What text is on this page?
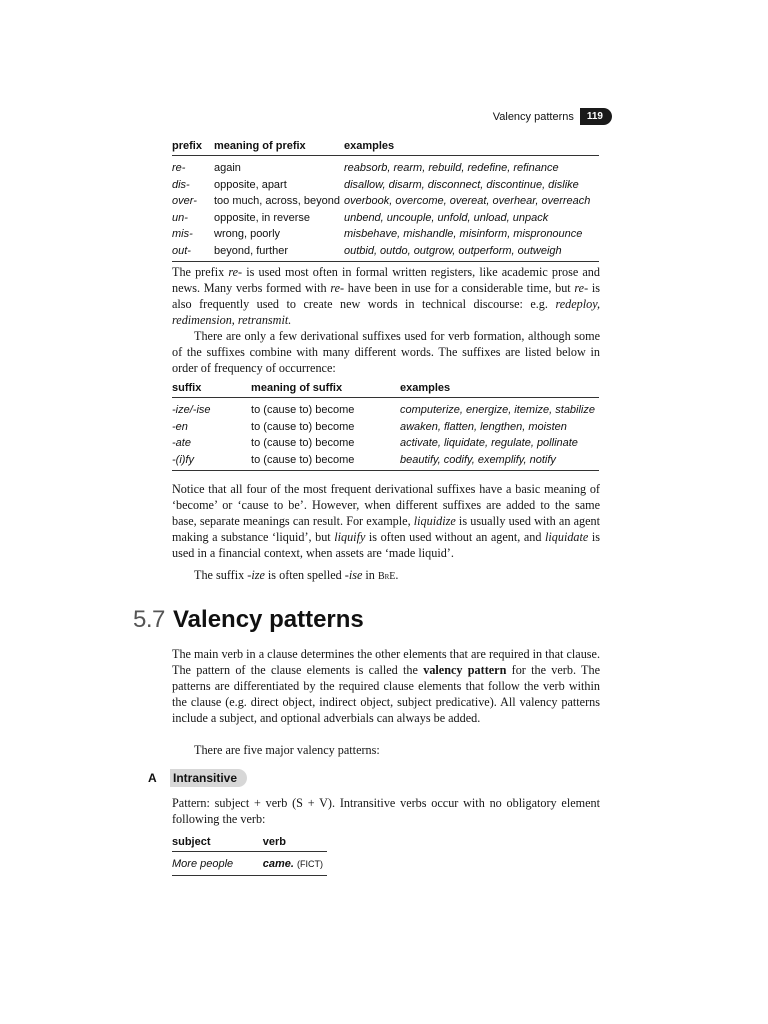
Valency patterns	119
prefix	meaning of prefix	examples
re-	again	reabsorb, rearm, rebuild, redefine, refinance
dis-	opposite, apart	disallow, disarm, disconnect, discontinue, dislike
over-	too much, across, beyond	overbook, overcome, overeat, overhear, overreach
un-	opposite, in reverse	unbend, uncouple, unfold, unload, unpack
mis-	wrong, poorly	misbehave, mishandle, misinform, mispronounce
out-	beyond, further	outbid, outdo, outgrow, outperform, outweigh

The prefix re- is used most often in formal written registers, like academic prose and news. Many verbs formed with re- have been in use for a considerable time, but re- is also frequently used to create new words in technical discourse: e.g. redeploy, redimension, retransmit.

There are only a few derivational suffixes used for verb formation, although some of the suffixes combine with many different words. The suffixes are listed below in order of frequency of occurrence:

suffix	meaning of suffix	examples
-ize/-ise	to (cause to) become	computerize, energize, itemize, stabilize
-en	to (cause to) become	awaken, flatten, lengthen, moisten
-ate	to (cause to) become	activate, liquidate, regulate, pollinate
-(i)fy	to (cause to) become	beautify, codify, exemplify, notify

Notice that all four of the most frequent derivational suffixes have a basic meaning of ‘become’ or ‘cause to be’. However, when different suffixes are added to the same base, separate meanings can result. For example, liquidize is usually used with an agent making a substance ‘liquid’, but liquify is often used without an agent, and liquidate is used in a financial context, when assets are ‘made liquid’.

The suffix -ize is often spelled -ise in BrE.

5.7 Valency patterns

The main verb in a clause determines the other elements that are required in that clause. The pattern of the clause elements is called the valency pattern for the verb. The patterns are differentiated by the required clause elements that follow the verb within the clause (e.g. direct object, indirect object, subject predicative). All valency patterns include a subject, and optional adverbials can always be added.

There are five major valency patterns:

A	Intransitive

Pattern: subject + verb (S + V). Intransitive verbs occur with no obligatory element following the verb:

subject	verb
More people	came. (FICT)
